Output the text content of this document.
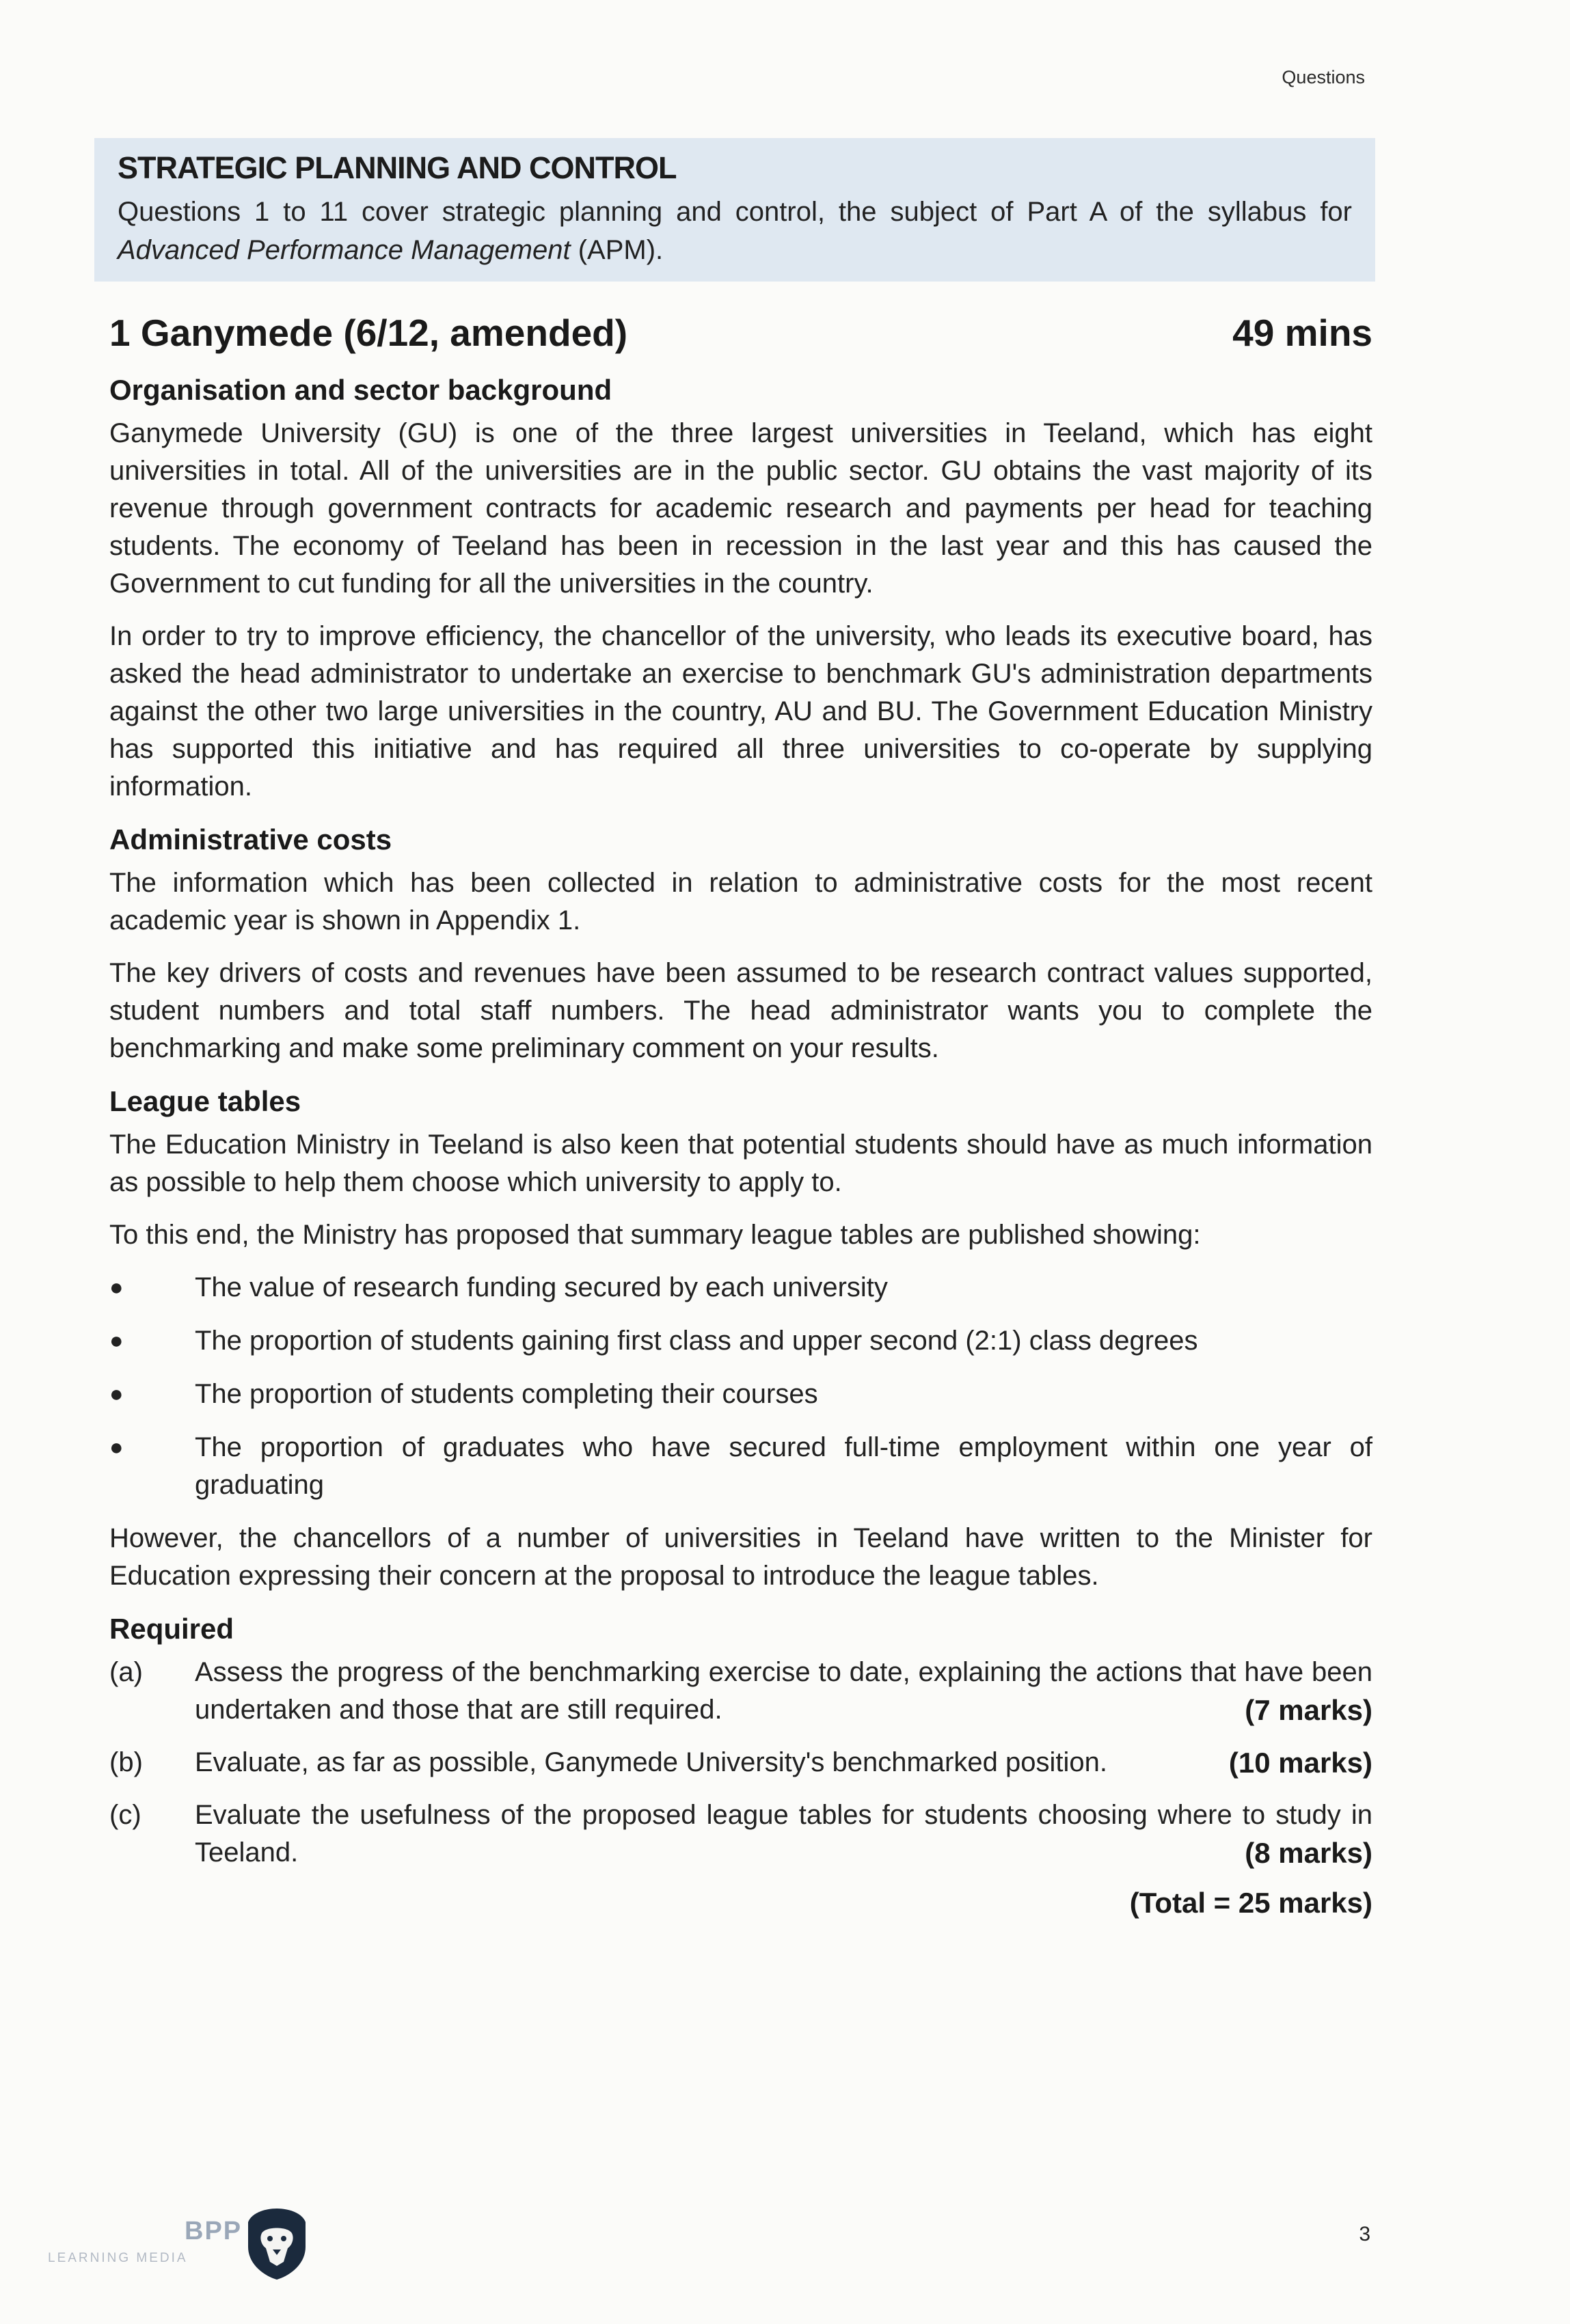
Questions
STRATEGIC PLANNING AND CONTROL

Questions 1 to 11 cover strategic planning and control, the subject of Part A of the syllabus for Advanced Performance Management (APM).

1 Ganymede (6/12, amended)	49 mins
Organisation and sector background

Ganymede University (GU) is one of the three largest universities in Teeland, which has eight universities in total. All of the universities are in the public sector. GU obtains the vast majority of its revenue through government contracts for academic research and payments per head for teaching students. The economy of Teeland has been in recession in the last year and this has caused the Government to cut funding for all the universities in the country.

In order to try to improve efficiency, the chancellor of the university, who leads its executive board, has asked the head administrator to undertake an exercise to benchmark GU's administration departments against the other two large universities in the country, AU and BU. The Government Education Ministry has supported this initiative and has required all three universities to co-operate by supplying information.

Administrative costs

The information which has been collected in relation to administrative costs for the most recent academic year is shown in Appendix 1.

The key drivers of costs and revenues have been assumed to be research contract values supported, student numbers and total staff numbers. The head administrator wants you to complete the benchmarking and make some preliminary comment on your results.

League tables

The Education Ministry in Teeland is also keen that potential students should have as much information as possible to help them choose which university to apply to.

To this end, the Ministry has proposed that summary league tables are published showing:

●	The value of research funding secured by each university
●	The proportion of students gaining first class and upper second (2:1) class degrees
●	The proportion of students completing their courses
●	The proportion of graduates who have secured full-time employment within one year of graduating

However, the chancellors of a number of universities in Teeland have written to the Minister for Education expressing their concern at the proposal to introduce the league tables.

Required
(a) Assess the progress of the benchmarking exercise to date, explaining the actions that have been undertaken and those that are still required.	(7 marks)
(b)	(10 marks)
Evaluate, as far as possible, Ganymede University's benchmarked position.
(c) Evaluate the usefulness of the proposed league tables for students choosing where to study in Teeland.	(8 marks)
(Total = 25 marks)
BPP
LEARNING MEDIA
3
